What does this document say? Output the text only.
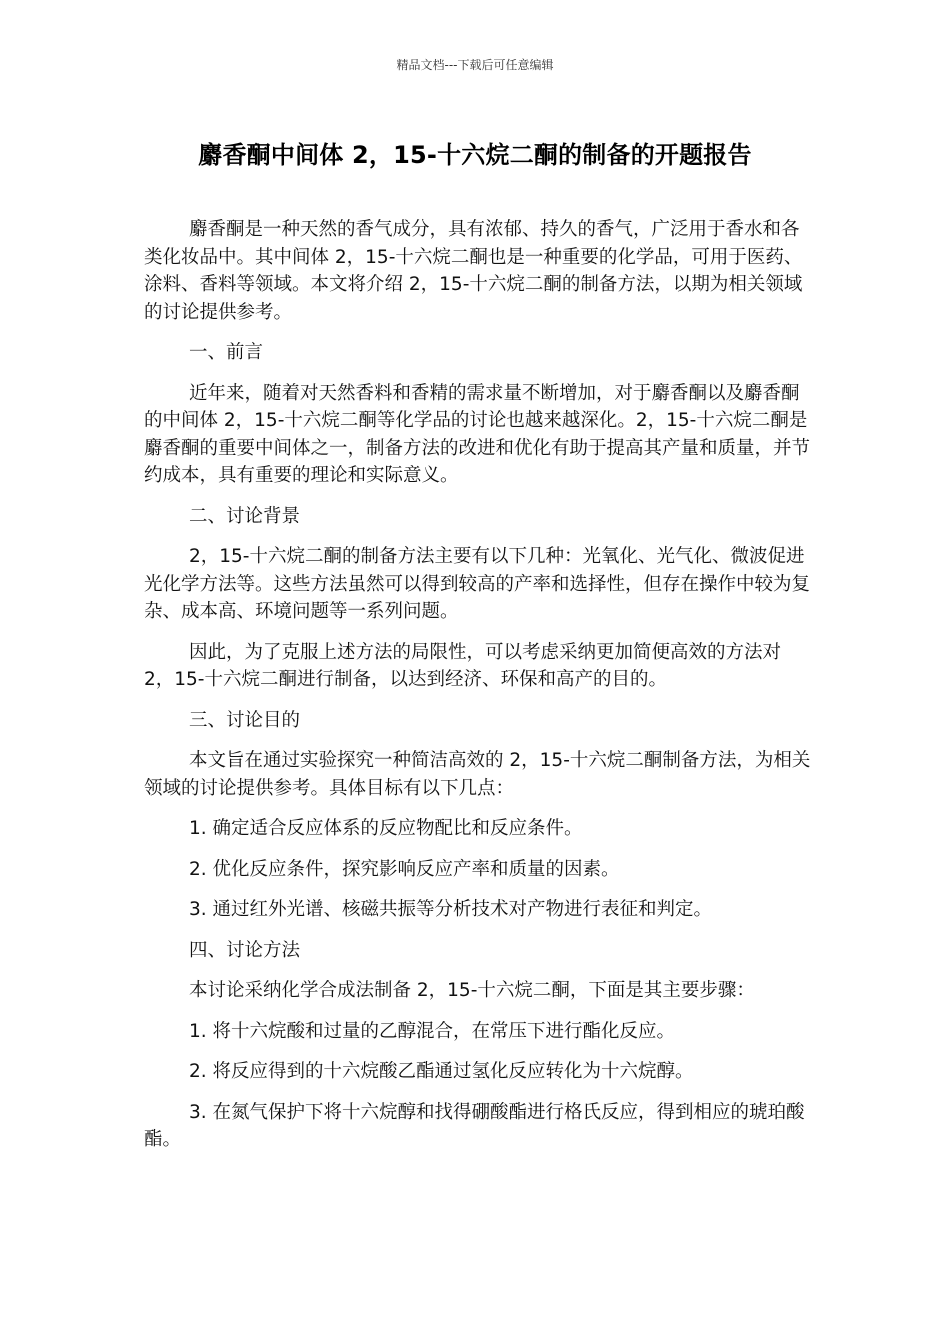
精品文档---下载后可任意编辑
麝香酮中间体 2，15-十六烷二酮的制备的开题报告

麝香酮是一种天然的香气成分，具有浓郁、持久的香气，广泛用于香水和各类化妆品中。其中间体 2，15-十六烷二酮也是一种重要的化学品，可用于医药、涂料、香料等领域。本文将介绍 2，15-十六烷二酮的制备方法，以期为相关领域的讨论提供参考。

一、前言

近年来，随着对天然香料和香精的需求量不断增加，对于麝香酮以及麝香酮的中间体 2，15-十六烷二酮等化学品的讨论也越来越深化。2，15-十六烷二酮是麝香酮的重要中间体之一，制备方法的改进和优化有助于提高其产量和质量，并节约成本，具有重要的理论和实际意义。

二、讨论背景

2，15-十六烷二酮的制备方法主要有以下几种：光氧化、光气化、微波促进光化学方法等。这些方法虽然可以得到较高的产率和选择性，但存在操作中较为复杂、成本高、环境问题等一系列问题。

因此，为了克服上述方法的局限性，可以考虑采纳更加简便高效的方法对 2，15-十六烷二酮进行制备，以达到经济、环保和高产的目的。

三、讨论目的

本文旨在通过实验探究一种简洁高效的 2，15-十六烷二酮制备方法，为相关领域的讨论提供参考。具体目标有以下几点：

1. 确定适合反应体系的反应物配比和反应条件。

2. 优化反应条件，探究影响反应产率和质量的因素。

3. 通过红外光谱、核磁共振等分析技术对产物进行表征和判定。

四、讨论方法

本讨论采纳化学合成法制备 2，15-十六烷二酮，下面是其主要步骤：

1. 将十六烷酸和过量的乙醇混合，在常压下进行酯化反应。

2. 将反应得到的十六烷酸乙酯通过氢化反应转化为十六烷醇。

3. 在氮气保护下将十六烷醇和找得硼酸酯进行格氏反应，得到相应的琥珀酸酯。
